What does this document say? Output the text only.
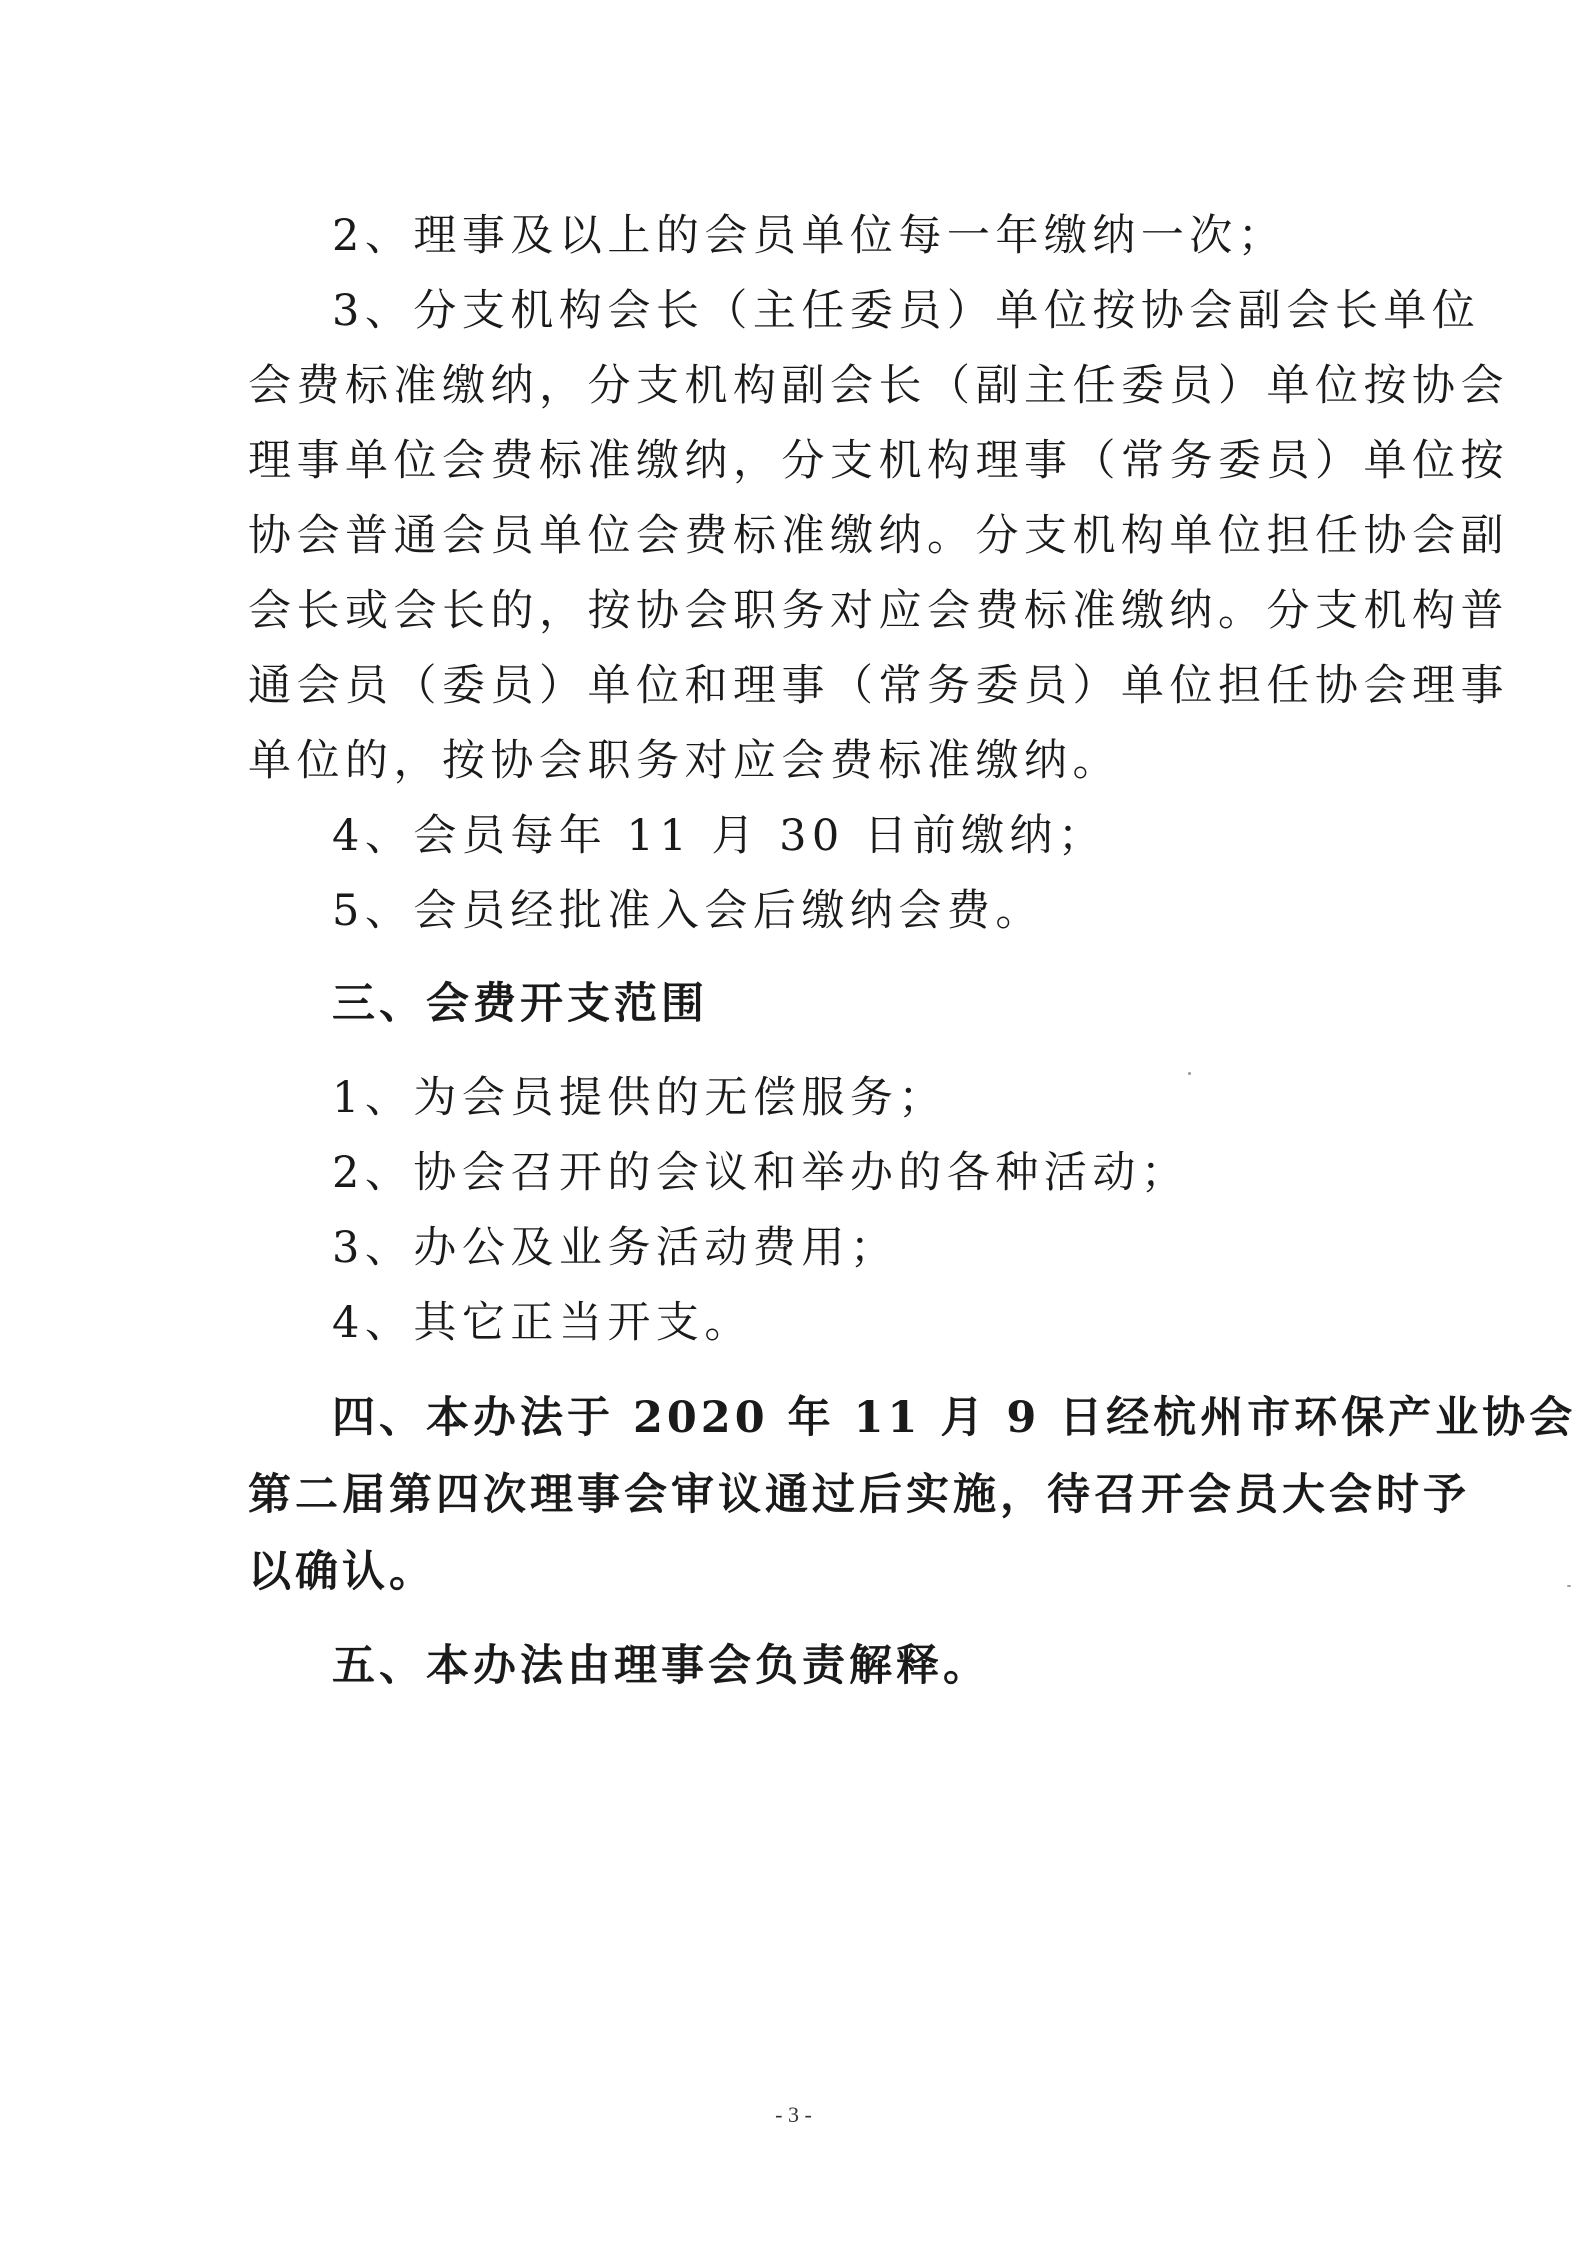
2、理事及以上的会员单位每一年缴纳一次；
3、分支机构会长（主任委员）单位按协会副会长单位
会费标准缴纳，分支机构副会长（副主任委员）单位按协会
理事单位会费标准缴纳，分支机构理事（常务委员）单位按
协会普通会员单位会费标准缴纳。分支机构单位担任协会副
会长或会长的，按协会职务对应会费标准缴纳。分支机构普
通会员（委员）单位和理事（常务委员）单位担任协会理事
单位的，按协会职务对应会费标准缴纳。
4、会员每年 11 月 30 日前缴纳；
5、会员经批准入会后缴纳会费。
三、会费开支范围
1、为会员提供的无偿服务；
2、协会召开的会议和举办的各种活动；
3、办公及业务活动费用；
4、其它正当开支。
四、本办法于 2020 年 11 月 9 日经杭州市环保产业协会
第二届第四次理事会审议通过后实施，待召开会员大会时予
以确认。
五、本办法由理事会负责解释。
- 3 -
